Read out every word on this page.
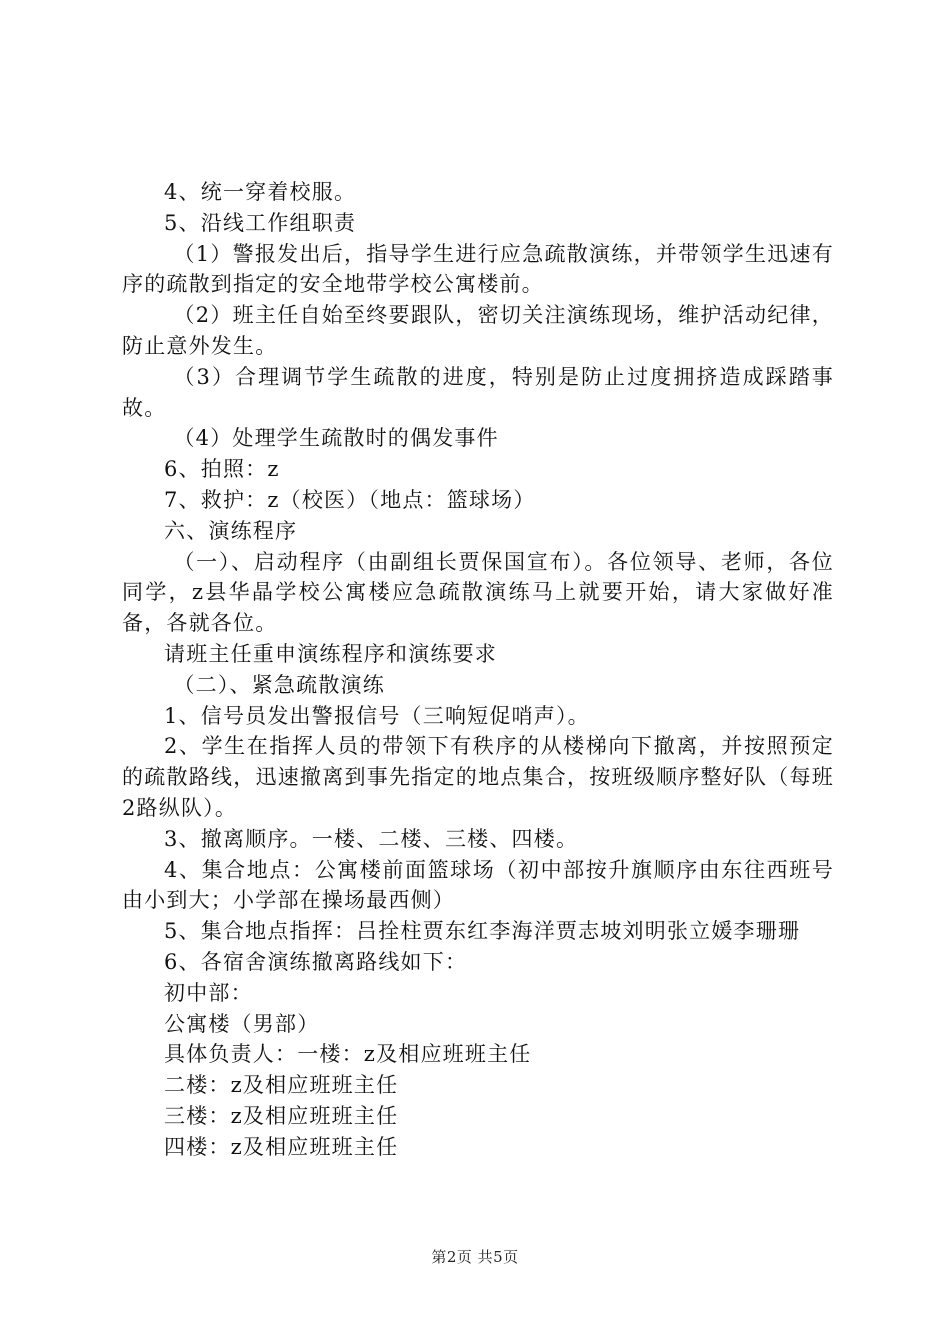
4、统一穿着校服。

5、沿线工作组职责

（1）警报发出后，指导学生进行应急疏散演练，并带领学生迅速有序的疏散到指定的安全地带学校公寓楼前。

（2）班主任自始至终要跟队，密切关注演练现场，维护活动纪律，防止意外发生。

（3）合理调节学生疏散的进度，特别是防止过度拥挤造成踩踏事故。

（4）处理学生疏散时的偶发事件

6、拍照：z

7、救护：z（校医）（地点：篮球场）

六、演练程序

（一）、启动程序（由副组长贾保国宣布）。各位领导、老师，各位同学，z县华晶学校公寓楼应急疏散演练马上就要开始，请大家做好准备，各就各位。

请班主任重申演练程序和演练要求

（二）、紧急疏散演练

1、信号员发出警报信号（三响短促哨声）。

2、学生在指挥人员的带领下有秩序的从楼梯向下撤离，并按照预定的疏散路线，迅速撤离到事先指定的地点集合，按班级顺序整好队（每班2路纵队）。

3、撤离顺序。一楼、二楼、三楼、四楼。

4、集合地点：公寓楼前面篮球场（初中部按升旗顺序由东往西班号由小到大；小学部在操场最西侧）

5、集合地点指挥：吕拴柱贾东红李海洋贾志坡刘明张立媛李珊珊

6、各宿舍演练撤离路线如下：

初中部：

公寓楼（男部）

具体负责人：一楼：z及相应班班主任

二楼：z及相应班班主任

三楼：z及相应班班主任

四楼：z及相应班班主任

第2页 共5页
